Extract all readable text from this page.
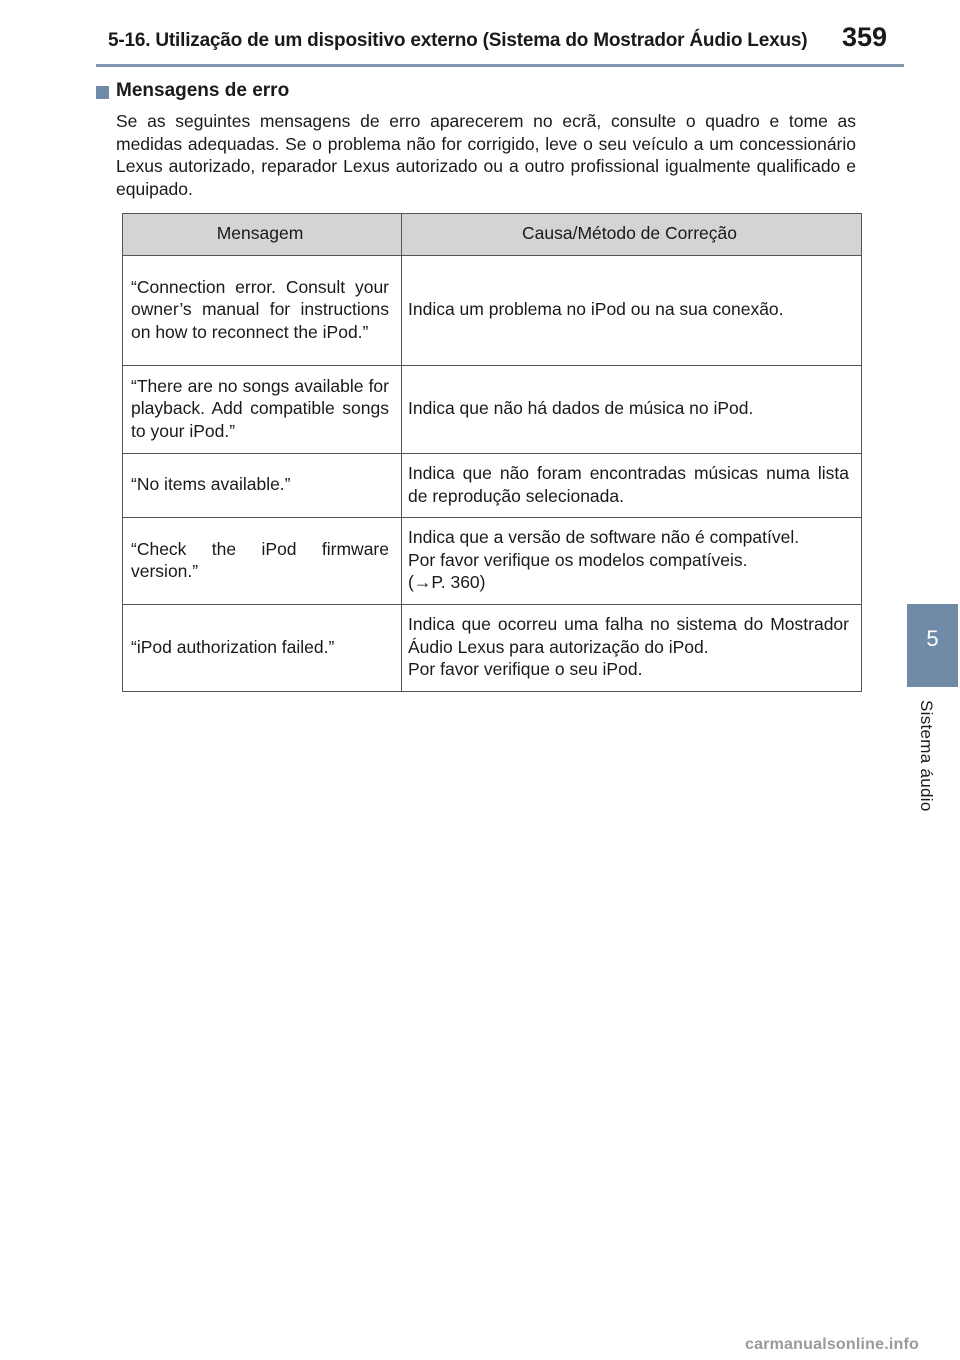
5-16. Utilização de um dispositivo externo (Sistema do Mostrador Áudio Lexus) 359
5
Sistema áudio
Mensagens de erro
Se as seguintes mensagens de erro aparecerem no ecrã, consulte o quadro e tome as medidas adequadas. Se o problema não for corrigido, leve o seu veículo a um concessionário Lexus autorizado, reparador Lexus autorizado ou a outro profissional igualmente qualificado e equipado.
Mensagem	Causa/Método de Correção
“Connection error. Consult your owner’s manual for instructions on how to reconnect the iPod.”	Indica um problema no iPod ou na sua conexão.
“There are no songs available for playback. Add compatible songs to your iPod.”	Indica que não há dados de música no iPod.
“No items available.”	Indica que não foram encontradas músicas numa lista de reprodução selecionada.
“Check the iPod firmware version.”	Indica que a versão de software não é compatível.
Por favor verifique os modelos compatíveis.
(→P. 360)

“iPod authorization failed.”	Indica que ocorreu uma falha no sistema do Mostrador Áudio Lexus para autorização do iPod.
Por favor verifique o seu iPod.
carmanualsonline.info
